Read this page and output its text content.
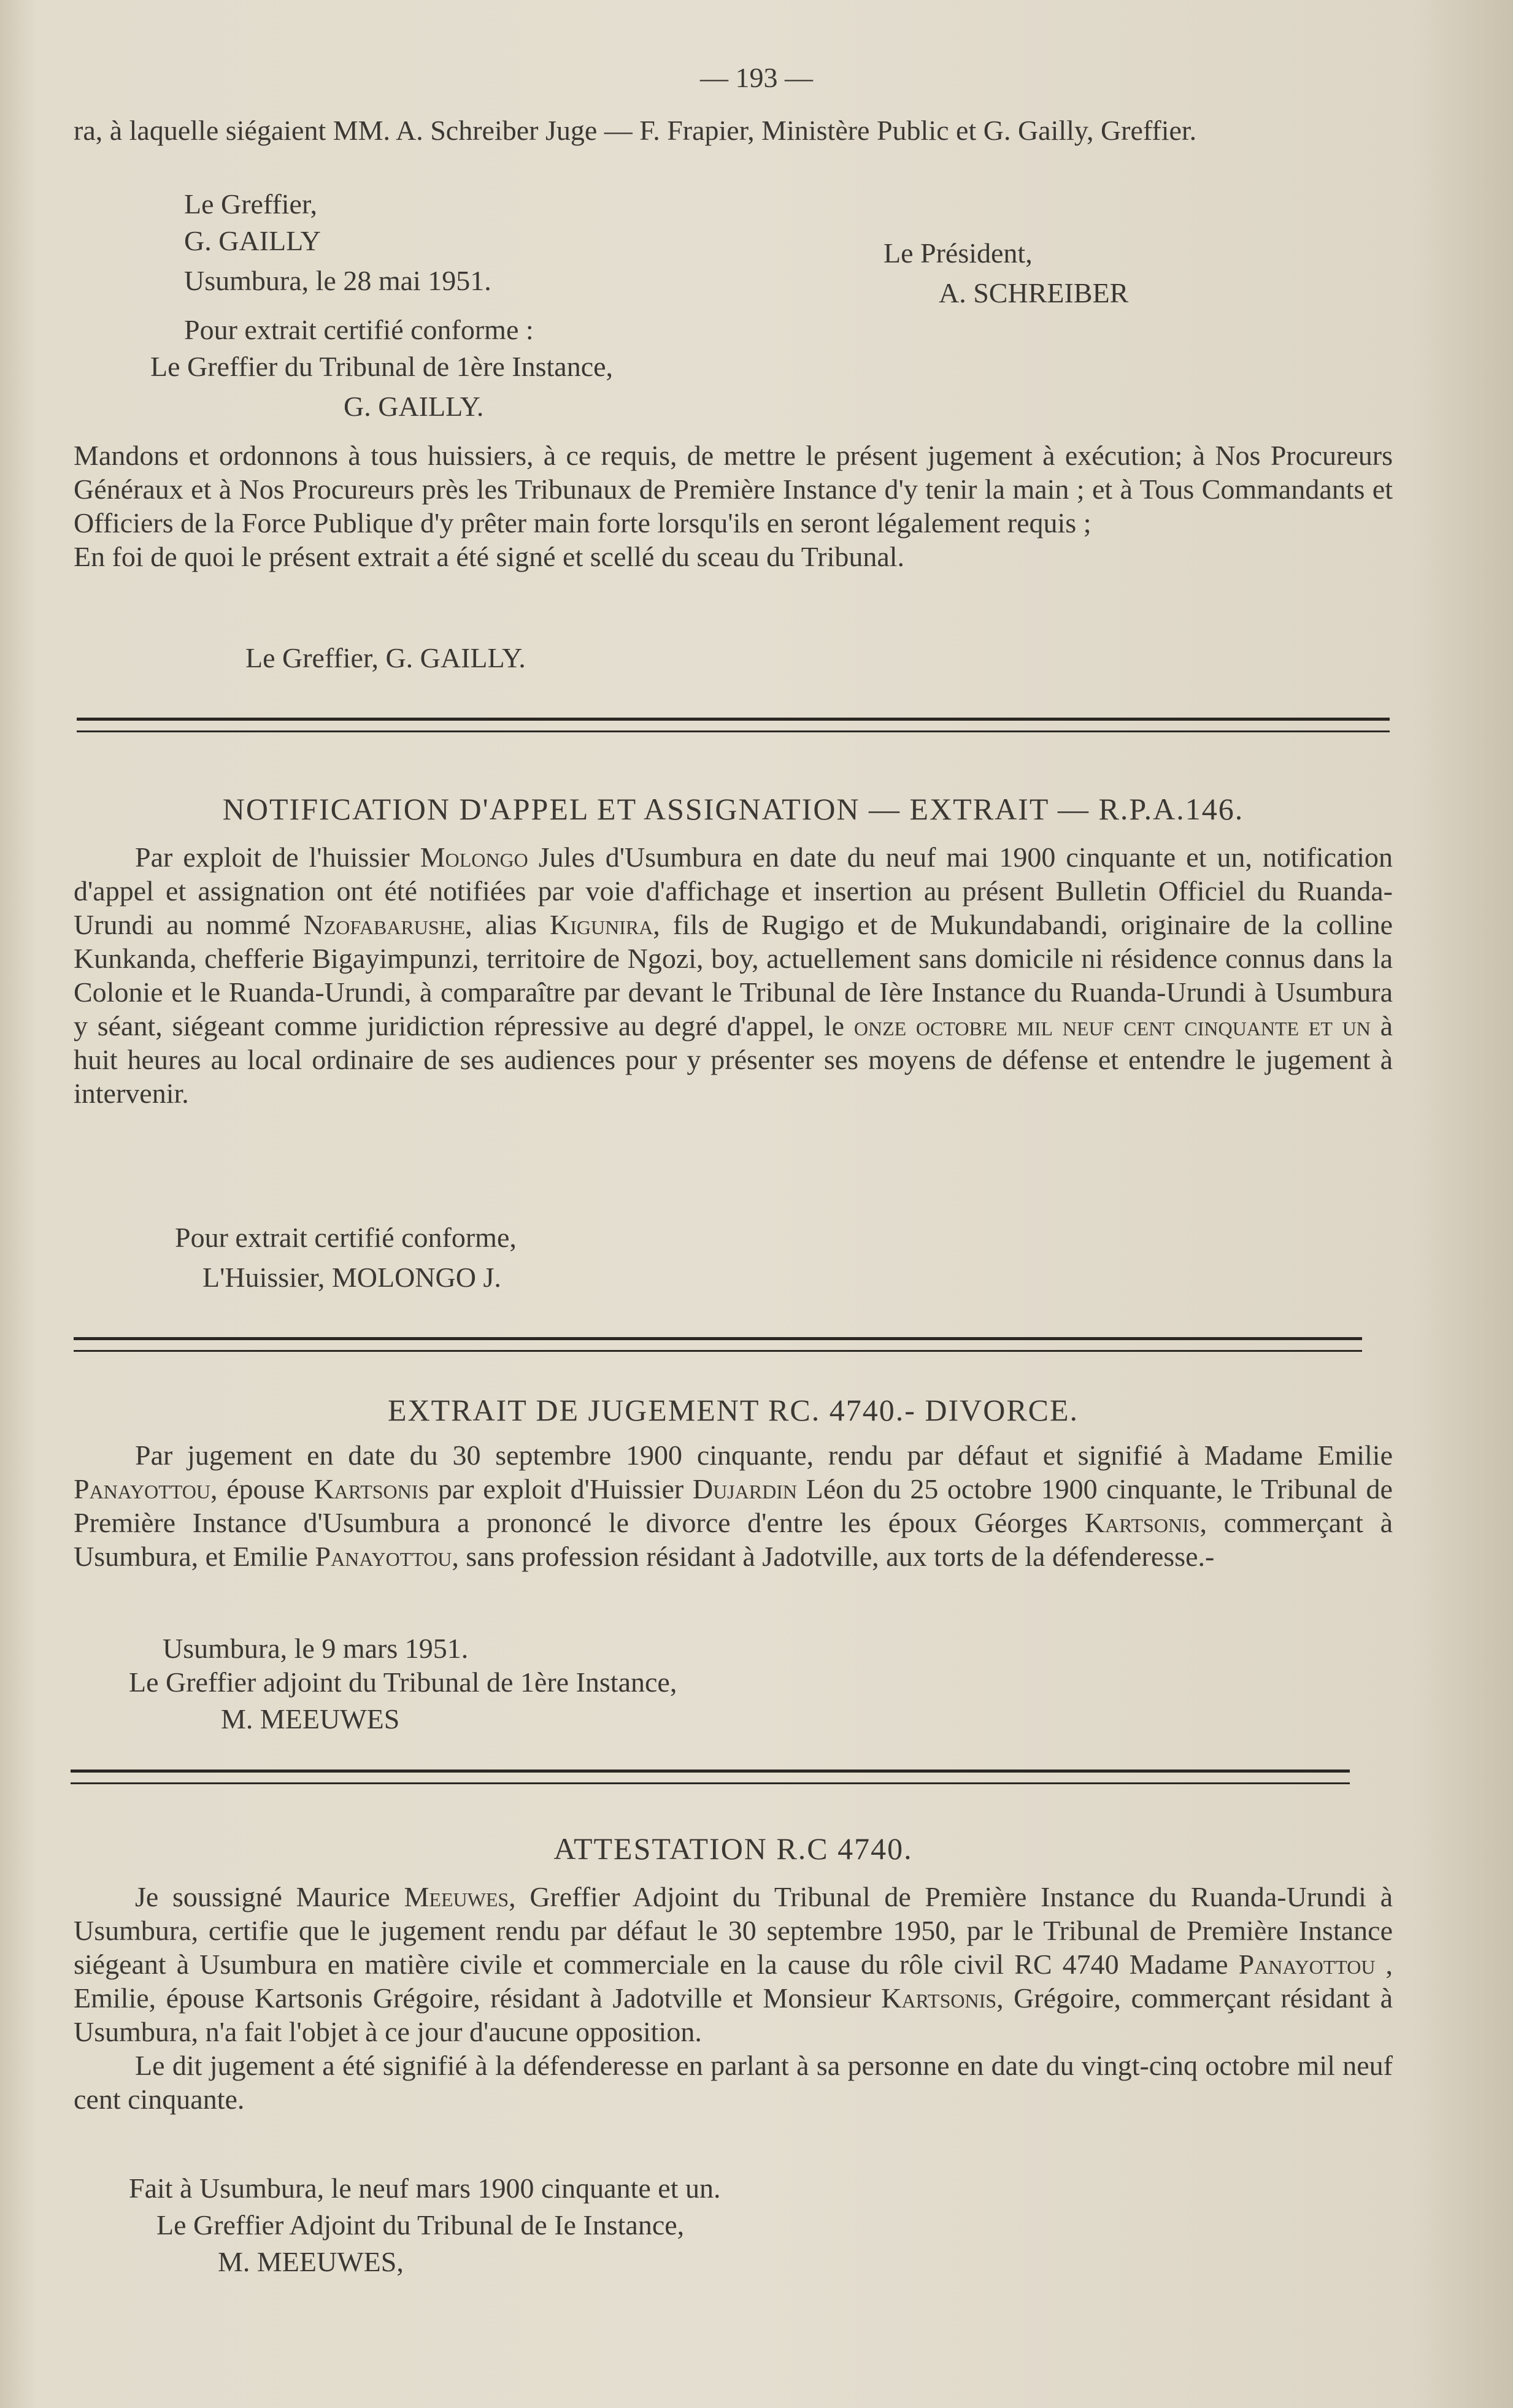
— 193 —

ra, à laquelle siégaient MM. A. Schreiber Juge — F. Frapier, Ministère Public et G. Gailly, Greffier.

Le Greffier,
G. GAILLY	Le Président,
Usumbura, le 28 mai 1951.	A. SCHREIBER
Pour extrait certifié conforme :
Le Greffier du Tribunal de 1ère Instance,
G. GAILLY.

Mandons et ordonnons à tous huissiers, à ce requis, de mettre le présent jugement à exécution; à Nos Procureurs Généraux et à Nos Procureurs près les Tribunaux de Première Instance d'y tenir la main ; et à Tous Commandants et Officiers de la Force Publique d'y prêter main forte lorsqu'ils en seront légalement requis ;

En foi de quoi le présent extrait a été signé et scellé du sceau du Tribunal.

Le Greffier, G. GAILLY.
NOTIFICATION D'APPEL ET ASSIGNATION — EXTRAIT — R.P.A.146.

Par exploit de l'huissier Molongo Jules d'Usumbura en date du neuf mai 1900 cinquante et un, notification d'appel et assignation ont été notifiées par voie d'affichage et insertion au présent Bulletin Officiel du Ruanda-Urundi au nommé Nzofabarushe, alias Kigunira, fils de Rugigo et de Mukundabandi, originaire de la colline Kunkanda, chefferie Bigayimpunzi, territoire de Ngozi, boy, actuellement sans domicile ni résidence connus dans la Colonie et le Ruanda-Urundi, à comparaître par devant le Tribunal de Ière Instance du Ruanda-Urundi à Usumbura y séant, siégeant comme juridiction répressive au degré d'appel, le onze octobre mil neuf cent cinquante et un à huit heures au local ordinaire de ses audiences pour y présenter ses moyens de défense et entendre le jugement à intervenir.

Pour extrait certifié conforme,
L'Huissier, MOLONGO J.
EXTRAIT DE JUGEMENT RC. 4740.- DIVORCE.

Par jugement en date du 30 septembre 1900 cinquante, rendu par défaut et signifié à Madame Emilie Panayottou, épouse Kartsonis par exploit d'Huissier Dujardin Léon du 25 octobre 1900 cinquante, le Tribunal de Première Instance d'Usumbura a prononcé le divorce d'entre les époux Géorges Kartsonis, commerçant à Usumbura, et Emilie Panayottou, sans profession résidant à Jadotville, aux torts de la défenderesse.-

Usumbura, le 9 mars 1951.
Le Greffier adjoint du Tribunal de 1ère Instance,
M. MEEUWES
ATTESTATION R.C 4740.

Je soussigné Maurice Meeuwes, Greffier Adjoint du Tribunal de Première Instance du Ruanda-Urundi à Usumbura, certifie que le jugement rendu par défaut le 30 septembre 1950, par le Tribunal de Première Instance siégeant à Usumbura en matière civile et commerciale en la cause du rôle civil RC 4740 Madame Panayottou , Emilie, épouse Kartsonis Grégoire, résidant à Jadotville et Monsieur Kartsonis, Grégoire, commerçant résidant à Usumbura, n'a fait l'objet à ce jour d'aucune opposition.

Le dit jugement a été signifié à la défenderesse en parlant à sa personne en date du vingt-cinq octobre mil neuf cent cinquante.

Fait à Usumbura, le neuf mars 1900 cinquante et un.
Le Greffier Adjoint du Tribunal de Ie Instance,
M. MEEUWES,
